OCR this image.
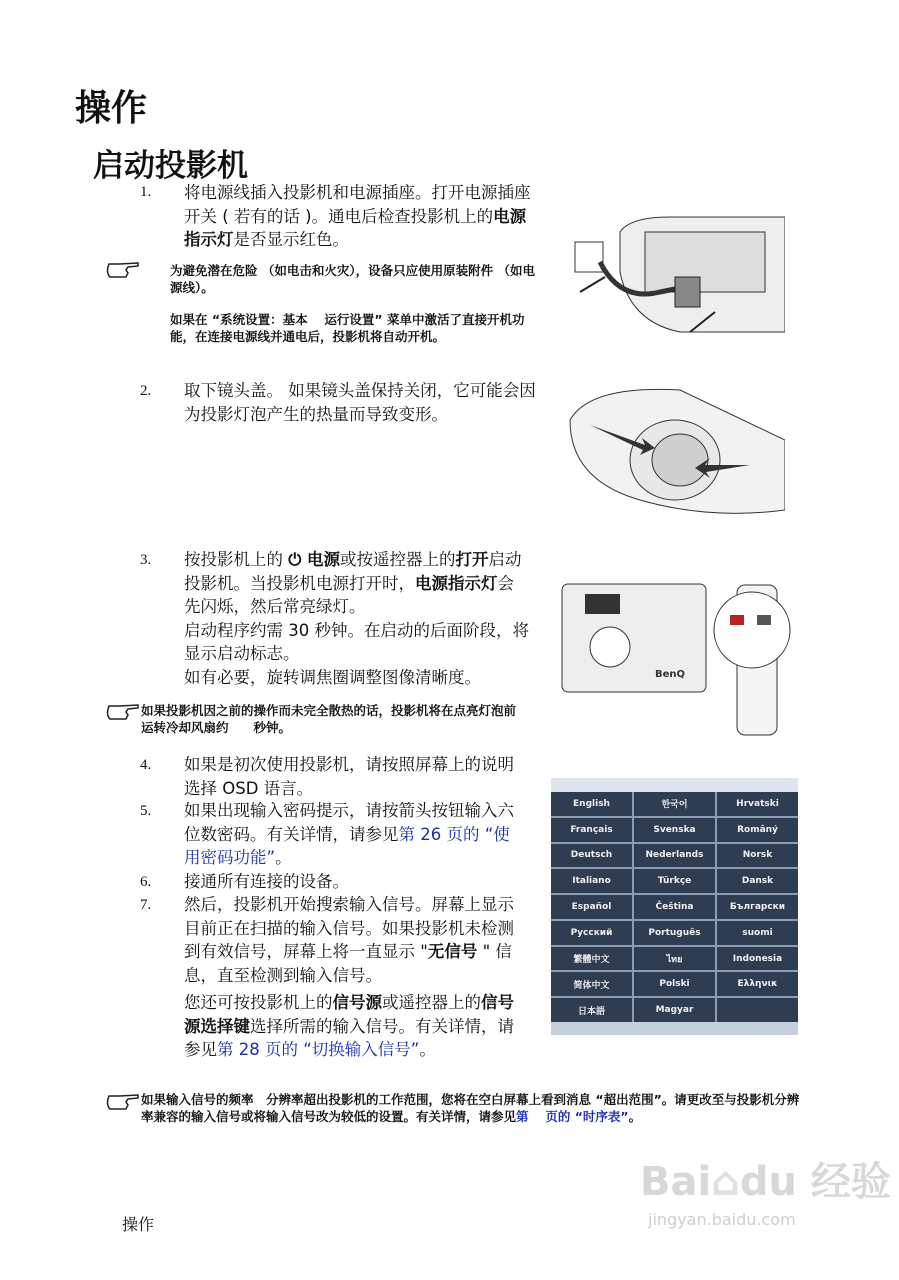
操作
启动投影机
1. 将电源线插入投影机和电源插座。打开电源插座开关 ( 若有的话 )。通电后检查投影机上的电源指示灯是否显示红色。
为避免潜在危险 （如电击和火灾），设备只应使用原装附件 （如电源线）。
如果在 “系统设置：基本　 运行设置” 菜单中激活了直接开机功能，在连接电源线并通电后，投影机将自动开机。
2. 取下镜头盖。 如果镜头盖保持关闭，它可能会因为投影灯泡产生的热量而导致变形。
3. 按投影机上的 ⏻ 电源或按遥控器上的打开启动投影机。当投影机电源打开时，电源指示灯会先闪烁，然后常亮绿灯。
启动程序约需 30 秒钟。在启动的后面阶段，将显示启动标志。
如有必要，旋转调焦圈调整图像清晰度。	BenQ
如果投影机因之前的操作而未完全散热的话，投影机将在点亮灯泡前运转冷却风扇约　　秒钟。
4. 如果是初次使用投影机，请按照屏幕上的说明选择 OSD 语言。
5. 如果出现输入密码提示，请按箭头按钮输入六位数密码。有关详情，请参见第 26 页的 “使用密码功能”。
6. 接通所有连接的设备。
7. 然后，投影机开始搜索输入信号。屏幕上显示目前正在扫描的输入信号。如果投影机未检测到有效信号，屏幕上将一直显示 "无信号 " 信息，直至检测到输入信号。
您还可按投影机上的信号源或遥控器上的信号源选择键选择所需的输入信号。有关详情，请参见第 28 页的 “切换输入信号”。
English	한국어	Hrvatski
Français	Svenska	Româný
Deutsch	Nederlands	Norsk
Italiano	Türkçe	Dansk
Español	Čeština	Български
Русский	Português	suomi
繁體中文	ไทย	Indonesia
简体中文	Polski	Ελληνικ
日本語	Magyar
如果输入信号的频率　分辨率超出投影机的工作范围，您将在空白屏幕上看到消息 “超出范围”。请更改至与投影机分辨率兼容的输入信号或将输入信号改为较低的设置。有关详情，请参见第　 页的 “时序表”。
Bai⌂du 经验
jingyan.baidu.com
操作
